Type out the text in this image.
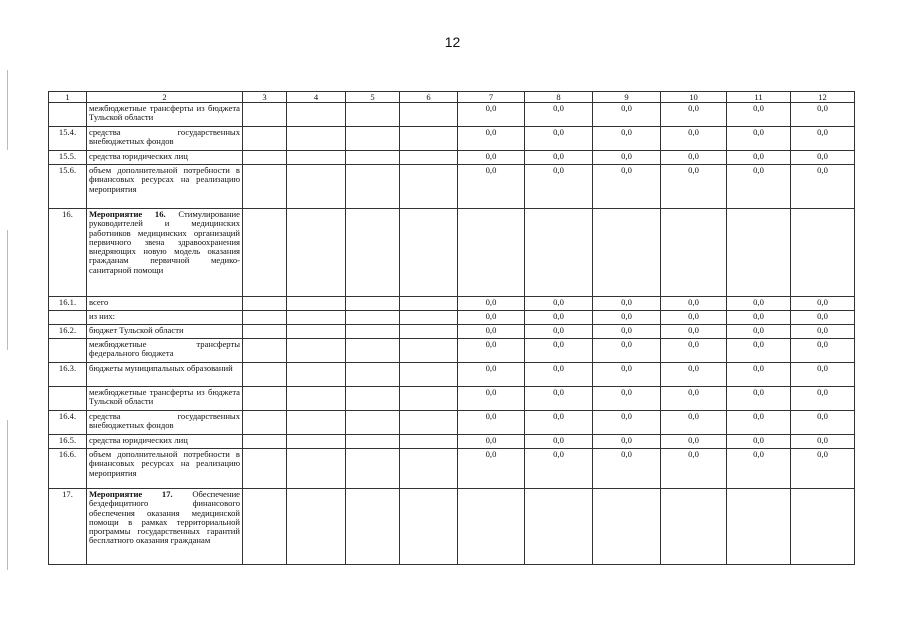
12
1	2	3	4	5	6	7	8	9	10	11	12
	межбюджетные трансферты из бюджета Тульской области					0,0	0,0	0,0	0,0	0,0	0,0
15.4.	средства государственных внебюджетных фондов					0,0	0,0	0,0	0,0	0,0	0,0
15.5.	средства юридических лиц					0,0	0,0	0,0	0,0	0,0	0,0
15.6.	объем дополнительной потребности в финансовых ресурсах на реализацию мероприятия					0,0	0,0	0,0	0,0	0,0	0,0
16.	Мероприятие 16. Стимулирование руководителей и медицинских работников медицинских организаций первичного звена здравоохранения внедряющих новую модель оказания гражданам первичной медико-санитарной помощи										
16.1.	всего					0,0	0,0	0,0	0,0	0,0	0,0
	из них:					0,0	0,0	0,0	0,0	0,0	0,0
16.2.	бюджет Тульской области					0,0	0,0	0,0	0,0	0,0	0,0
	межбюджетные трансферты федерального бюджета					0,0	0,0	0,0	0,0	0,0	0,0
16.3.	бюджеты муниципальных образований					0,0	0,0	0,0	0,0	0,0	0,0
	межбюджетные трансферты из бюджета Тульской области					0,0	0,0	0,0	0,0	0,0	0,0
16.4.	средства государственных внебюджетных фондов					0,0	0,0	0,0	0,0	0,0	0,0
16.5.	средства юридических лиц					0,0	0,0	0,0	0,0	0,0	0,0
16.6.	объем дополнительной потребности в финансовых ресурсах на реализацию мероприятия					0,0	0,0	0,0	0,0	0,0	0,0
17.	Мероприятие 17. Обеспечение бездефицитного финансового обеспечения оказания медицинской помощи в рамках территориальной программы государственных гарантий бесплатного оказания гражданам										
